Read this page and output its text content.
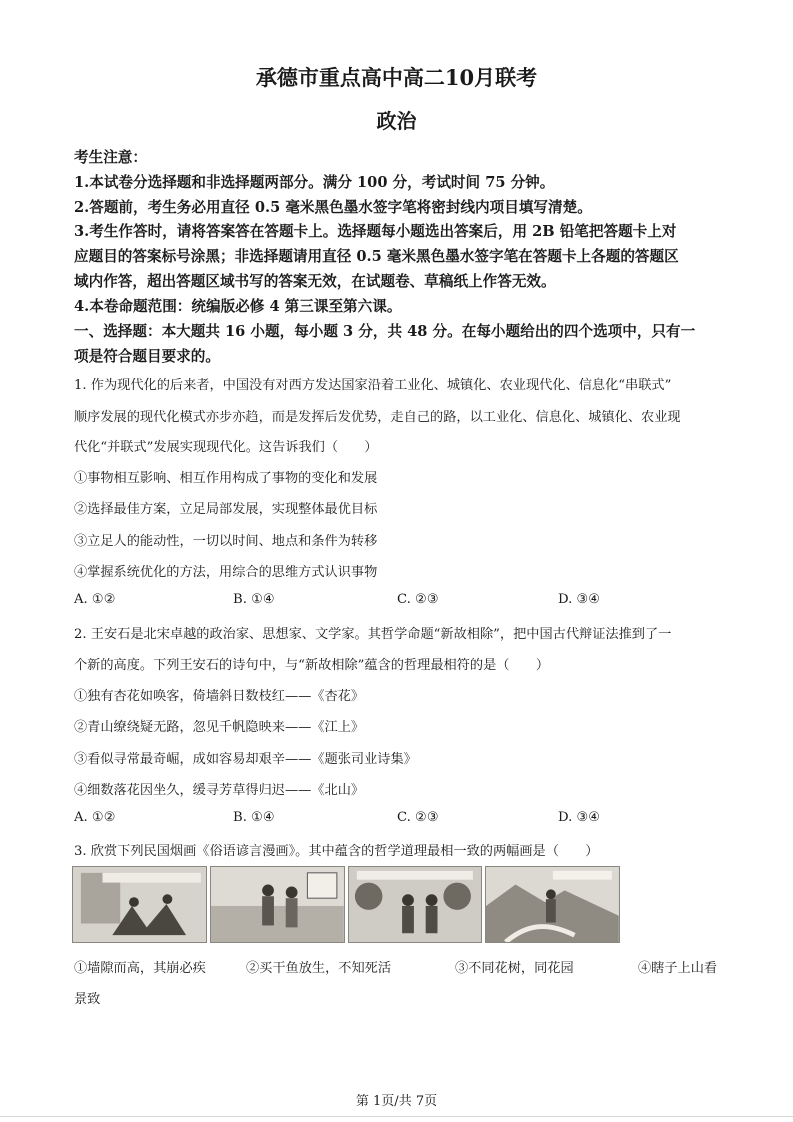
承德市重点高中高二10月联考
政治
考生注意：
1.本试卷分选择题和非选择题两部分。满分 100 分，考试时间 75 分钟。
2.答题前，考生务必用直径 0.5 毫米黑色墨水签字笔将密封线内项目填写清楚。
3.考生作答时，请将答案答在答题卡上。选择题每小题选出答案后，用 2B 铅笔把答题卡上对
应题目的答案标号涂黑；非选择题请用直径 0.5 毫米黑色墨水签字笔在答题卡上各题的答题区
域内作答，超出答题区域书写的答案无效，在试题卷、草稿纸上作答无效。
4.本卷命题范围：统编版必修 4 第三课至第六课。
一、选择题：本大题共 16 小题，每小题 3 分，共 48 分。在每小题给出的四个选项中，只有一
项是符合题目要求的。
1. 作为现代化的后来者，中国没有对西方发达国家沿着工业化、城镇化、农业现代化、信息化“串联式”
顺序发展的现代化模式亦步亦趋，而是发挥后发优势，走自己的路，以工业化、信息化、城镇化、农业现
代化“并联式”发展实现现代化。这告诉我们（　　）
①事物相互影响、相互作用构成了事物的变化和发展
②选择最佳方案，立足局部发展，实现整体最优目标
③立足人的能动性，一切以时间、地点和条件为转移
④掌握系统优化的方法，用综合的思维方式认识事物
A. ①②	B. ①④	C. ②③	D. ③④
2. 王安石是北宋卓越的政治家、思想家、文学家。其哲学命题“新故相除”，把中国古代辩证法推到了一
个新的高度。下列王安石的诗句中，与“新故相除”蕴含的哲理最相符的是（　　）
①独有杏花如唤客，倚墙斜日数枝红——《杏花》
②青山缭绕疑无路，忽见千帆隐映来——《江上》
③看似寻常最奇崛，成如容易却艰辛——《题张司业诗集》
④细数落花因坐久，缓寻芳草得归迟——《北山》
A. ①②	B. ①④	C. ②③	D. ③④
3. 欣赏下列民国烟画《俗语谚言漫画》。其中蕴含的哲学道理最相一致的两幅画是（　　）
①墙隙而高，其崩必疾	②买干鱼放生，不知死活	③不同花树，同花园	④瞎子上山看
景致
第 1页/共 7页
